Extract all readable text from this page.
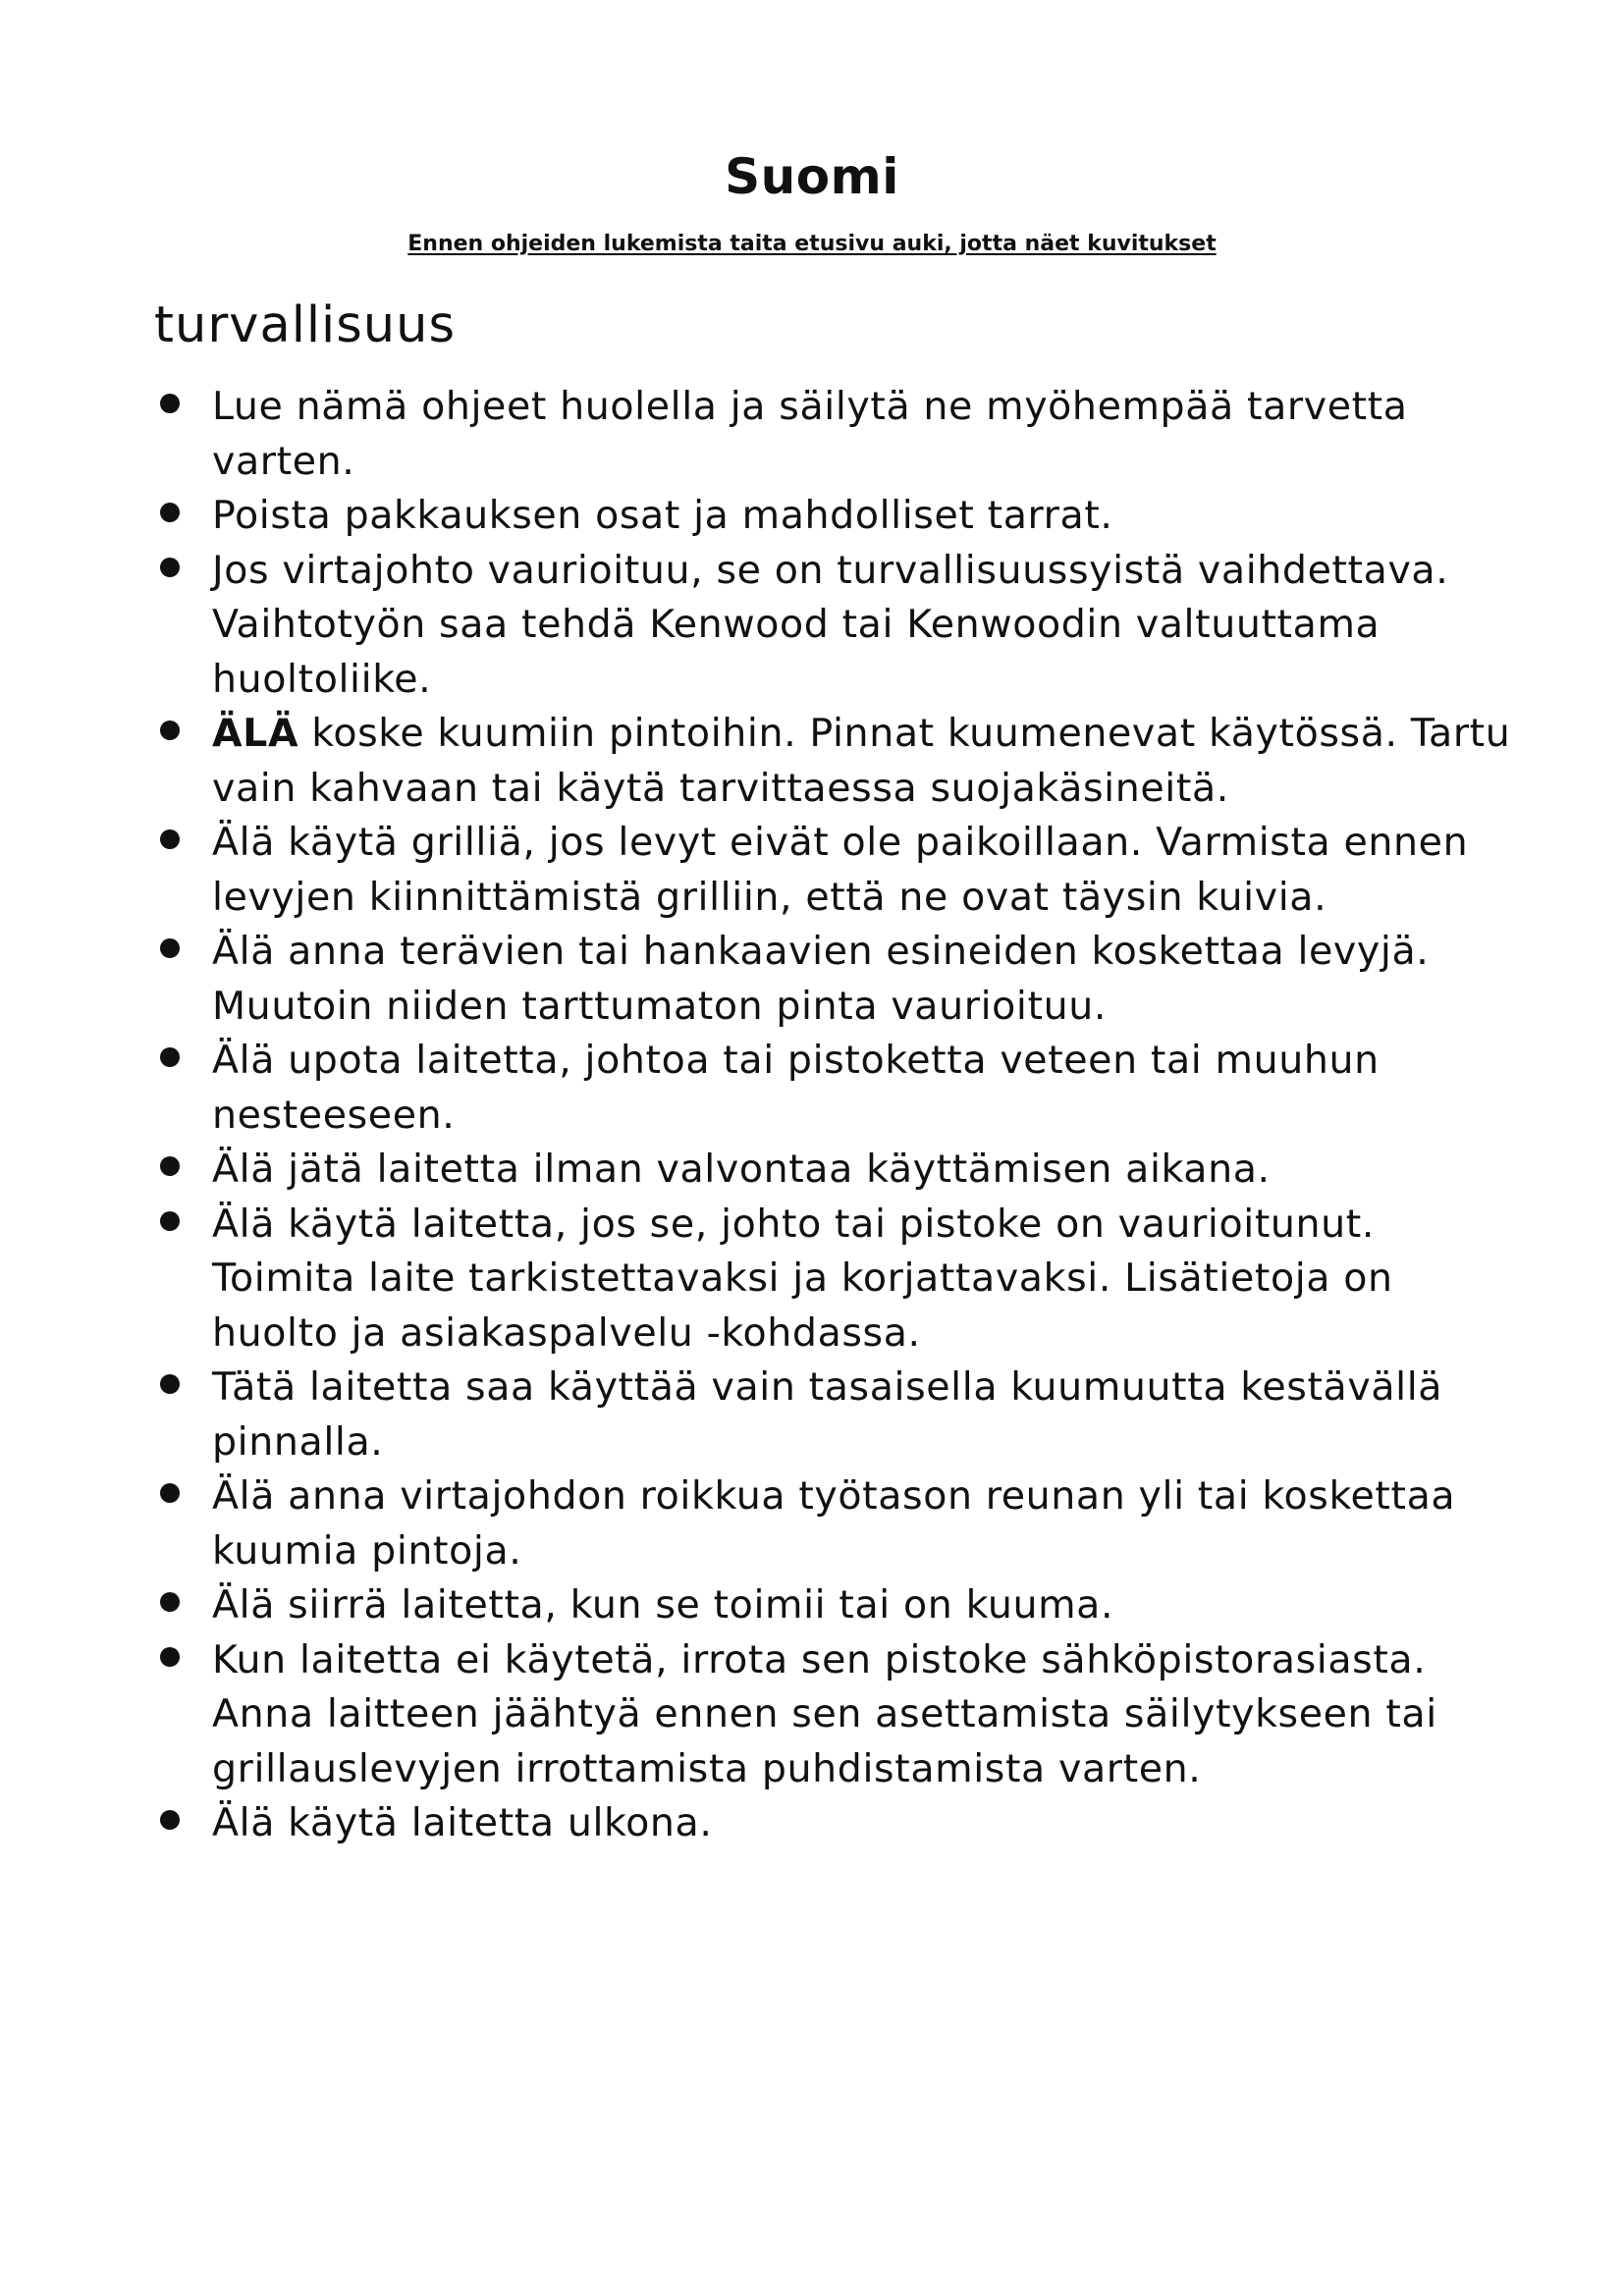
Suomi

Ennen ohjeiden lukemista taita etusivu auki, jotta näet kuvitukset

turvallisuus
Lue nämä ohjeet huolella ja säilytä ne myöhempää tarvetta varten.
Poista pakkauksen osat ja mahdolliset tarrat.
Jos virtajohto vaurioituu, se on turvallisuussyistä vaihdettava. Vaihtotyön saa tehdä Kenwood tai Kenwoodin valtuuttama huoltoliike.
ÄLÄ koske kuumiin pintoihin. Pinnat kuumenevat käytössä. Tartu vain kahvaan tai käytä tarvittaessa suojakäsineitä.
Älä käytä grilliä, jos levyt eivät ole paikoillaan. Varmista ennen levyjen kiinnittämistä grilliin, että ne ovat täysin kuivia.
Älä anna terävien tai hankaavien esineiden koskettaa levyjä. Muutoin niiden tarttumaton pinta vaurioituu.
Älä upota laitetta, johtoa tai pistoketta veteen tai muuhun nesteeseen.
Älä jätä laitetta ilman valvontaa käyttämisen aikana.
Älä käytä laitetta, jos se, johto tai pistoke on vaurioitunut. Toimita laite tarkistettavaksi ja korjattavaksi. Lisätietoja on huolto ja asiakaspalvelu -kohdassa.
Tätä laitetta saa käyttää vain tasaisella kuumuutta kestävällä pinnalla.
Älä anna virtajohdon roikkua työtason reunan yli tai koskettaa kuumia pintoja.
Älä siirrä laitetta, kun se toimii tai on kuuma.
Kun laitetta ei käytetä, irrota sen pistoke sähköpistorasiasta. Anna laitteen jäähtyä ennen sen asettamista säilytykseen tai grillauslevyjen irrottamista puhdistamista varten.
Älä käytä laitetta ulkona.
